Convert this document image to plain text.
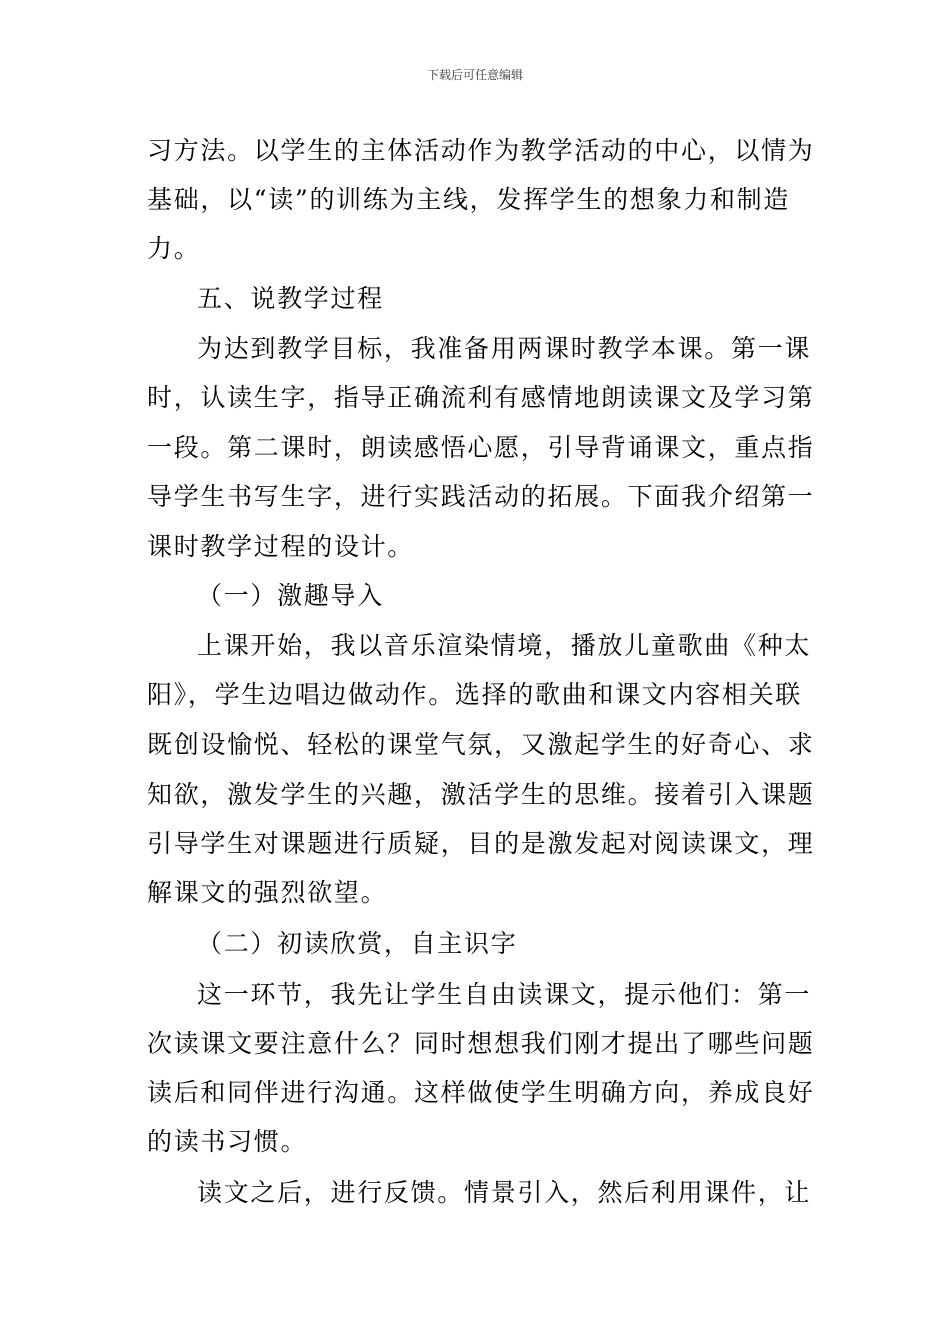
下载后可任意编辑
习方法。以学生的主体活动作为教学活动的中心，以情为
基础，以“读”的训练为主线，发挥学生的想象力和制造
力。
五、说教学过程
为达到教学目标，我准备用两课时教学本课。第一课
时，认读生字，指导正确流利有感情地朗读课文及学习第
一段。第二课时，朗读感悟心愿，引导背诵课文，重点指
导学生书写生字，进行实践活动的拓展。下面我介绍第一
课时教学过程的设计。
（一）激趣导入
上课开始，我以音乐渲染情境，播放儿童歌曲《种太
阳》，学生边唱边做动作。选择的歌曲和课文内容相关联
既创设愉悦、轻松的课堂气氛，又激起学生的好奇心、求
知欲，激发学生的兴趣，激活学生的思维。接着引入课题
引导学生对课题进行质疑，目的是激发起对阅读课文，理
解课文的强烈欲望。
（二）初读欣赏，自主识字
这一环节，我先让学生自由读课文，提示他们：第一
次读课文要注意什么？同时想想我们刚才提出了哪些问题
读后和同伴进行沟通。这样做使学生明确方向，养成良好
的读书习惯。
读文之后，进行反馈。情景引入，然后利用课件，让
